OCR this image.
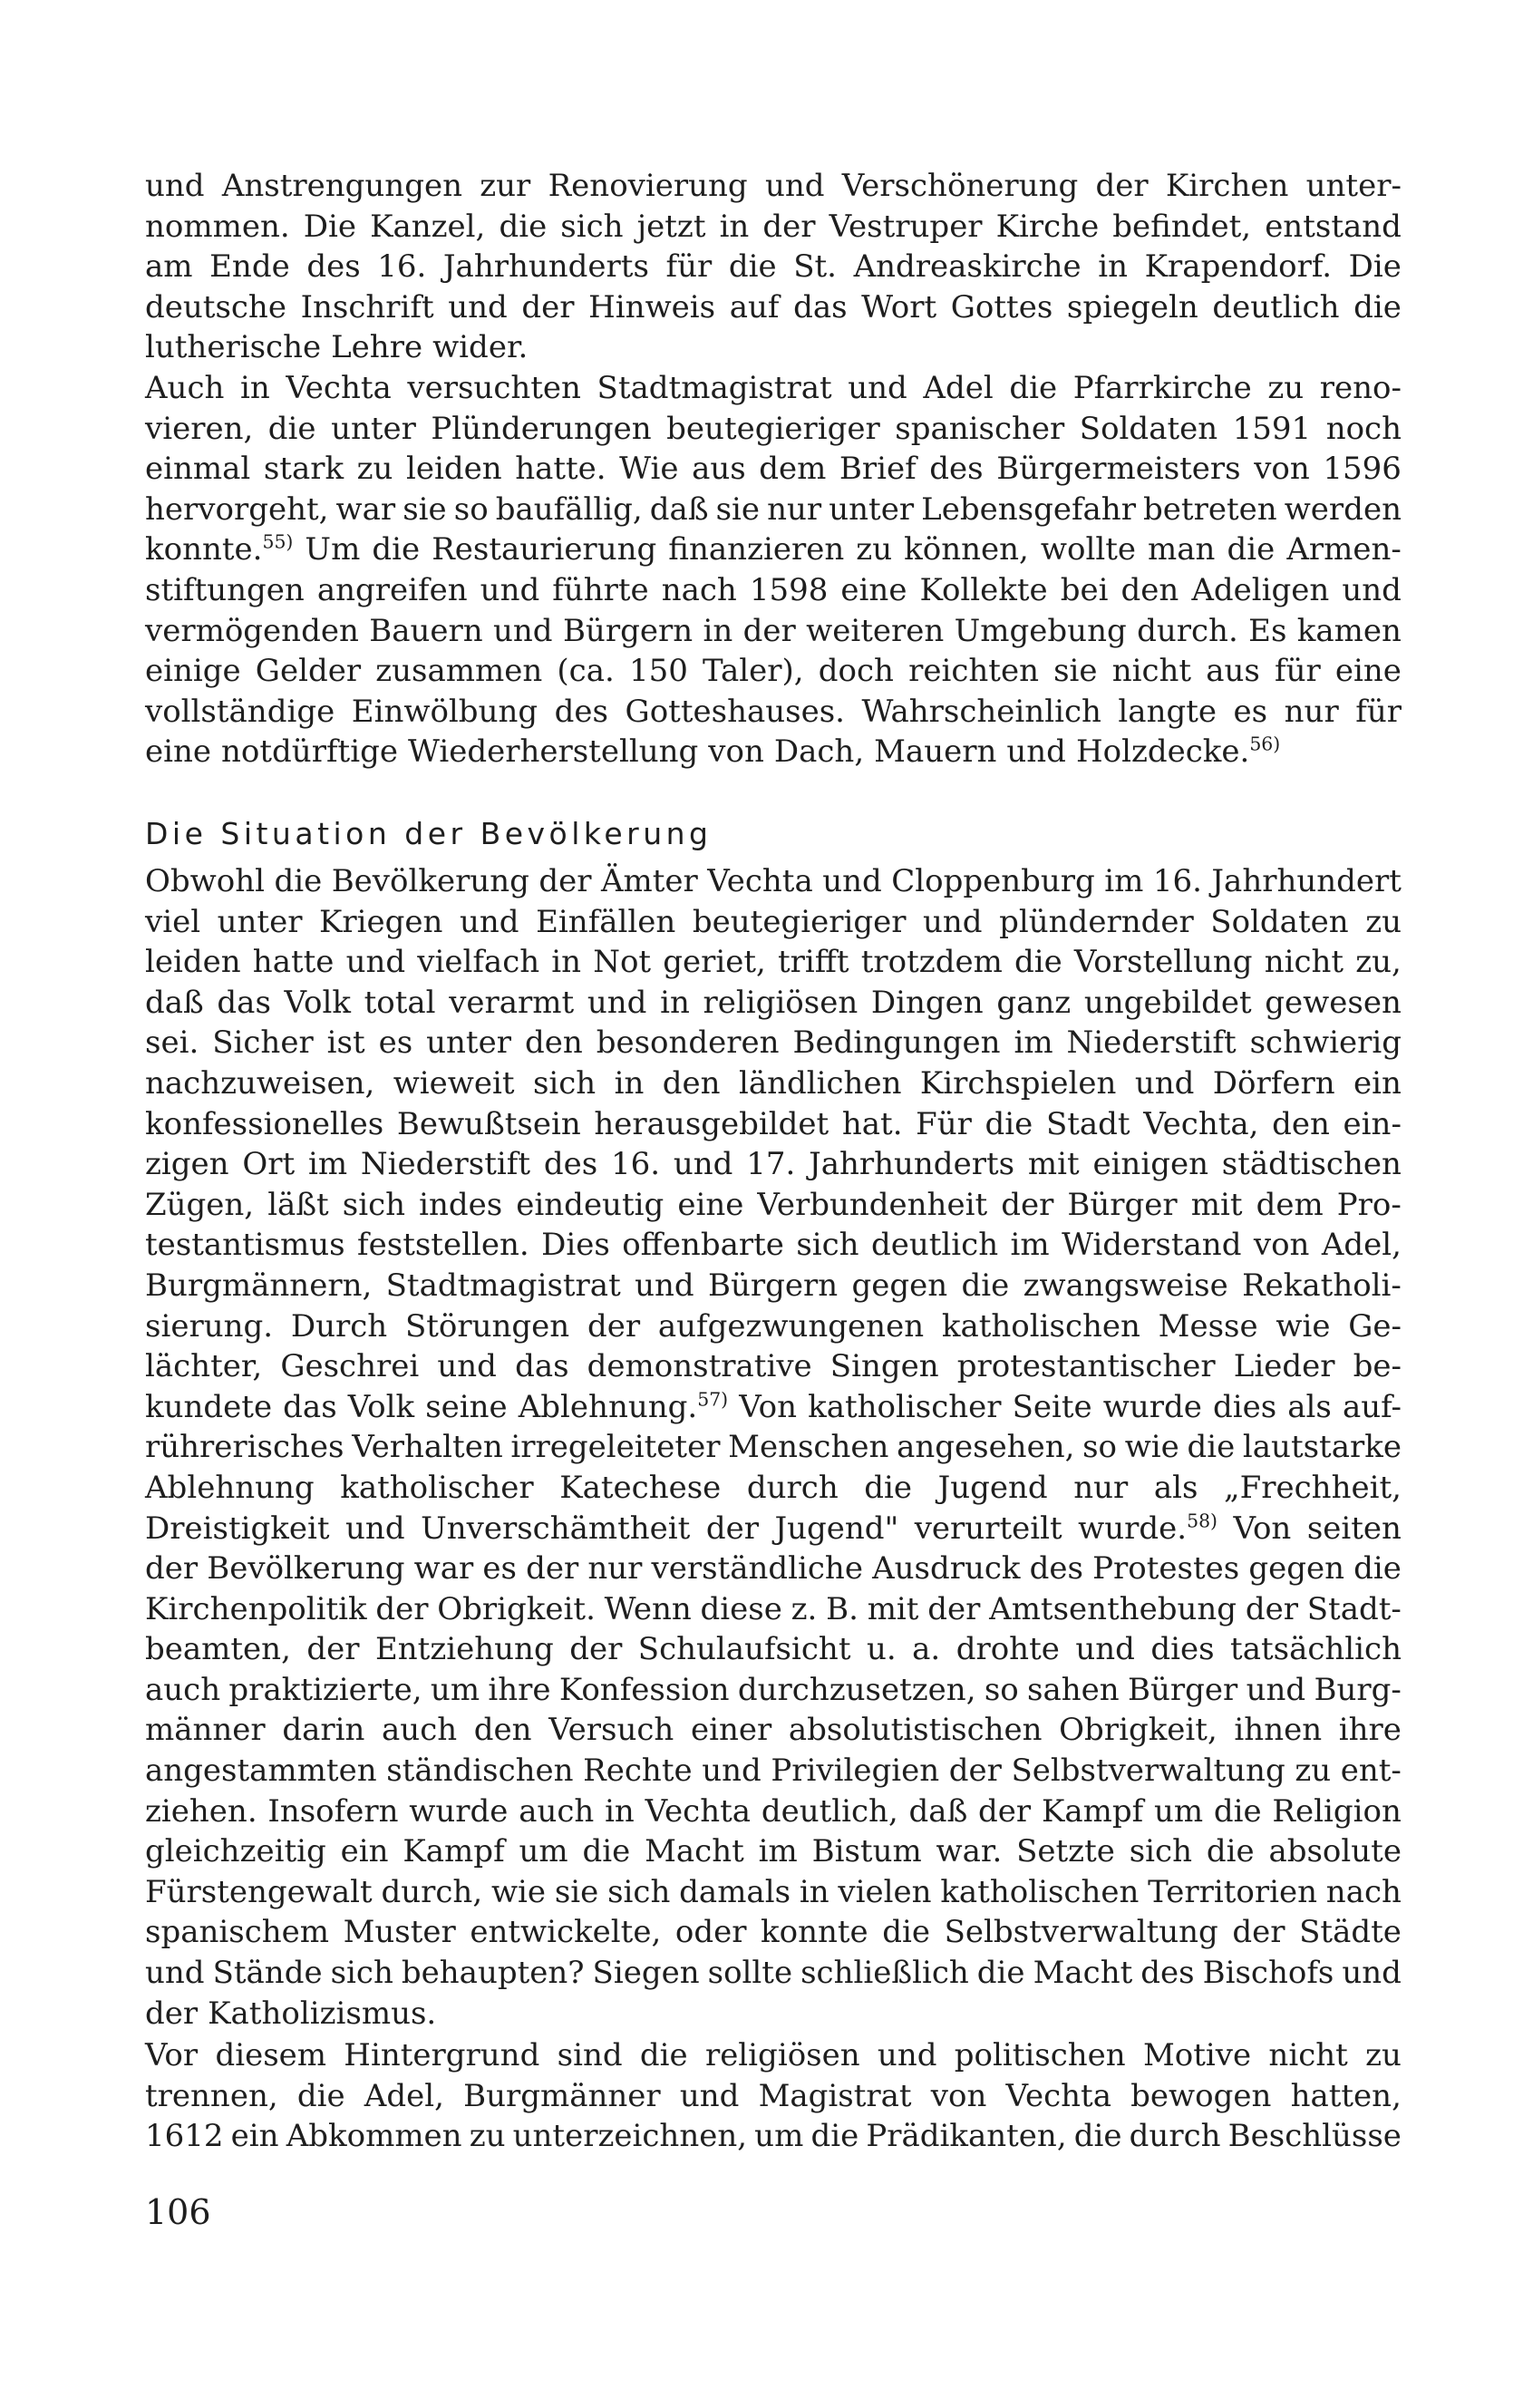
und Anstrengungen zur Renovierung und Verschönerung der Kirchen unter-
nommen. Die Kanzel, die sich jetzt in der Vestruper Kirche befindet, entstand
am Ende des 16. Jahrhunderts für die St. Andreaskirche in Krapendorf. Die
deutsche Inschrift und der Hinweis auf das Wort Gottes spiegeln deutlich die
lutherische Lehre wider.
Auch in Vechta versuchten Stadtmagistrat und Adel die Pfarrkirche zu reno-
vieren, die unter Plünderungen beutegieriger spanischer Soldaten 1591 noch
einmal stark zu leiden hatte. Wie aus dem Brief des Bürgermeisters von 1596
hervorgeht, war sie so baufällig, daß sie nur unter Lebensgefahr betreten werden
konnte.$^{55)}$ Um die Restaurierung finanzieren zu können, wollte man die Armen-
stiftungen angreifen und führte nach 1598 eine Kollekte bei den Adeligen und
vermögenden Bauern und Bürgern in der weiteren Umgebung durch. Es kamen
einige Gelder zusammen (ca. 150 Taler), doch reichten sie nicht aus für eine
vollständige Einwölbung des Gotteshauses. Wahrscheinlich langte es nur für
eine notdürftige Wiederherstellung von Dach, Mauern und Holzdecke.$^{56)}$
Die Situation der Bevölkerung
Obwohl die Bevölkerung der Ämter Vechta und Cloppenburg im 16. Jahrhundert
viel unter Kriegen und Einfällen beutegieriger und plündernder Soldaten zu
leiden hatte und vielfach in Not geriet, trifft trotzdem die Vorstellung nicht zu,
daß das Volk total verarmt und in religiösen Dingen ganz ungebildet gewesen
sei. Sicher ist es unter den besonderen Bedingungen im Niederstift schwierig
nachzuweisen, wieweit sich in den ländlichen Kirchspielen und Dörfern ein
konfessionelles Bewußtsein herausgebildet hat. Für die Stadt Vechta, den ein-
zigen Ort im Niederstift des 16. und 17. Jahrhunderts mit einigen städtischen
Zügen, läßt sich indes eindeutig eine Verbundenheit der Bürger mit dem Pro-
testantismus feststellen. Dies offenbarte sich deutlich im Widerstand von Adel,
Burgmännern, Stadtmagistrat und Bürgern gegen die zwangsweise Rekatholi-
sierung. Durch Störungen der aufgezwungenen katholischen Messe wie Ge-
lächter, Geschrei und das demonstrative Singen protestantischer Lieder be-
kundete das Volk seine Ablehnung.$^{57)}$ Von katholischer Seite wurde dies als auf-
rührerisches Verhalten irregeleiteter Menschen angesehen, so wie die lautstarke
Ablehnung katholischer Katechese durch die Jugend nur als „Frechheit,
Dreistigkeit und Unverschämtheit der Jugend" verurteilt wurde.$^{58)}$ Von seiten
der Bevölkerung war es der nur verständliche Ausdruck des Protestes gegen die
Kirchenpolitik der Obrigkeit. Wenn diese z. B. mit der Amtsenthebung der Stadt-
beamten, der Entziehung der Schulaufsicht u. a. drohte und dies tatsächlich
auch praktizierte, um ihre Konfession durchzusetzen, so sahen Bürger und Burg-
männer darin auch den Versuch einer absolutistischen Obrigkeit, ihnen ihre
angestammten ständischen Rechte und Privilegien der Selbstverwaltung zu ent-
ziehen. Insofern wurde auch in Vechta deutlich, daß der Kampf um die Religion
gleichzeitig ein Kampf um die Macht im Bistum war. Setzte sich die absolute
Fürstengewalt durch, wie sie sich damals in vielen katholischen Territorien nach
spanischem Muster entwickelte, oder konnte die Selbstverwaltung der Städte
und Stände sich behaupten? Siegen sollte schließlich die Macht des Bischofs und
der Katholizismus.
Vor diesem Hintergrund sind die religiösen und politischen Motive nicht zu
trennen, die Adel, Burgmänner und Magistrat von Vechta bewogen hatten,
1612 ein Abkommen zu unterzeichnen, um die Prädikanten, die durch Beschlüsse
106
